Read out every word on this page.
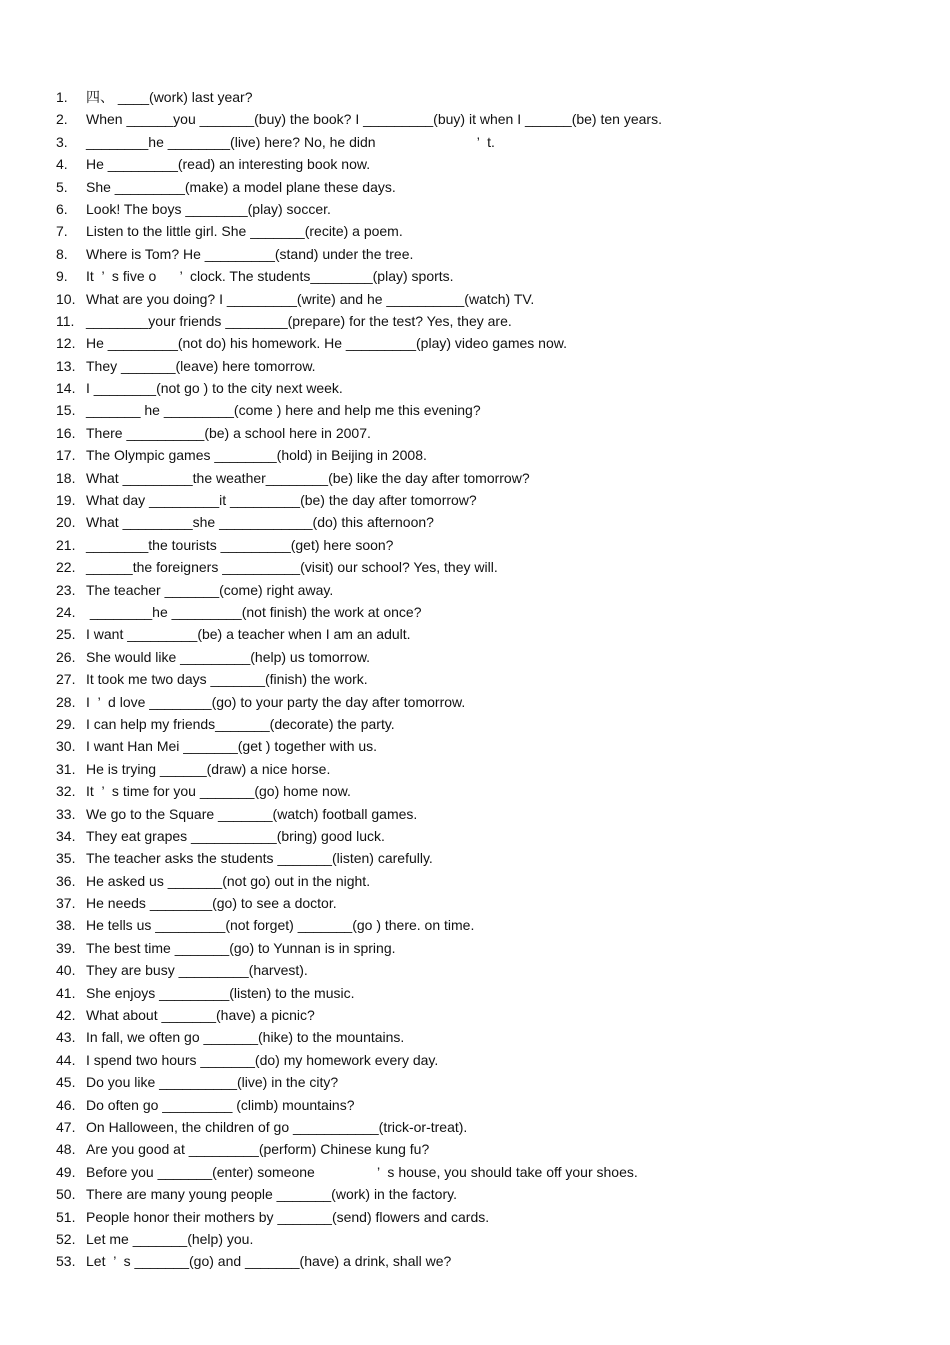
1.	四、 ____(work) last year?
2.	When ______you _______(buy) the book? I _________(buy) it when I ______(be) ten years.
3.	________he ________(live) here? No, he didn                          ’  t.
4.	He _________(read) an interesting book now.
5.	She _________(make) a model plane these days.
6.	Look! The boys ________(play) soccer.
7.	Listen to the little girl. She _______(recite) a poem.
8.	Where is Tom? He _________(stand) under the tree.
9.	It  ’  s five o      ’  clock. The students________(play) sports.
10. What are you doing? I _________(write) and he __________(watch) TV.
11. ________your friends ________(prepare) for the test? Yes, they are.
12. He _________(not do) his homework. He _________(play) video games now.
13. They _______(leave) here tomorrow.
14. I ________(not go ) to the city next week.
15. _______ he _________(come ) here and help me this evening?
16. There __________(be) a school here in 2007.
17. The Olympic games ________(hold) in Beijing in 2008.
18. What _________the weather________(be) like the day after tomorrow?
19. What day _________it _________(be) the day after tomorrow?
20. What _________she ____________(do) this afternoon?
21. ________the tourists _________(get) here soon?
22. ______the foreigners __________(visit) our school? Yes, they will.
23. The teacher _______(come) right away.
24. ________he _________(not finish) the work at once?
25. I want _________(be) a teacher when I am an adult.
26. She would like _________(help) us tomorrow.
27. It took me two days _______(finish) the work.
28. I  ’  d love ________(go) to your party the day after tomorrow.
29. I can help my friends_______(decorate) the party.
30. I want Han Mei _______(get ) together with us.
31. He is trying ______(draw) a nice horse.
32. It  ’  s time for you _______(go) home now.
33. We go to the Square _______(watch) football games.
34. They eat grapes ___________(bring) good luck.
35. The teacher asks the students _______(listen) carefully.
36. He asked us _______(not go) out in the night.
37. He needs ________(go) to see a doctor.
38. He tells us _________(not forget) _______(go ) there. on time.
39. The best time _______(go) to Yunnan is in spring.
40. They are busy _________(harvest).
41. She enjoys _________(listen) to the music.
42. What about _______(have) a picnic?
43. In fall, we often go _______(hike) to the mountains.
44. I spend two hours _______(do) my homework every day.
45. Do you like __________(live) in the city?
46. Do often go _________ (climb) mountains?
47. On Halloween, the children of go ___________(trick-or-treat).
48. Are you good at _________(perform) Chinese kung fu?
49. Before you _______(enter) someone                ’  s house, you should take off your shoes.
50. There are many young people _______(work) in the factory.
51. People honor their mothers by _______(send) flowers and cards.
52. Let me _______(help) you.
53. Let  ’  s _______(go) and _______(have) a drink, shall we?
